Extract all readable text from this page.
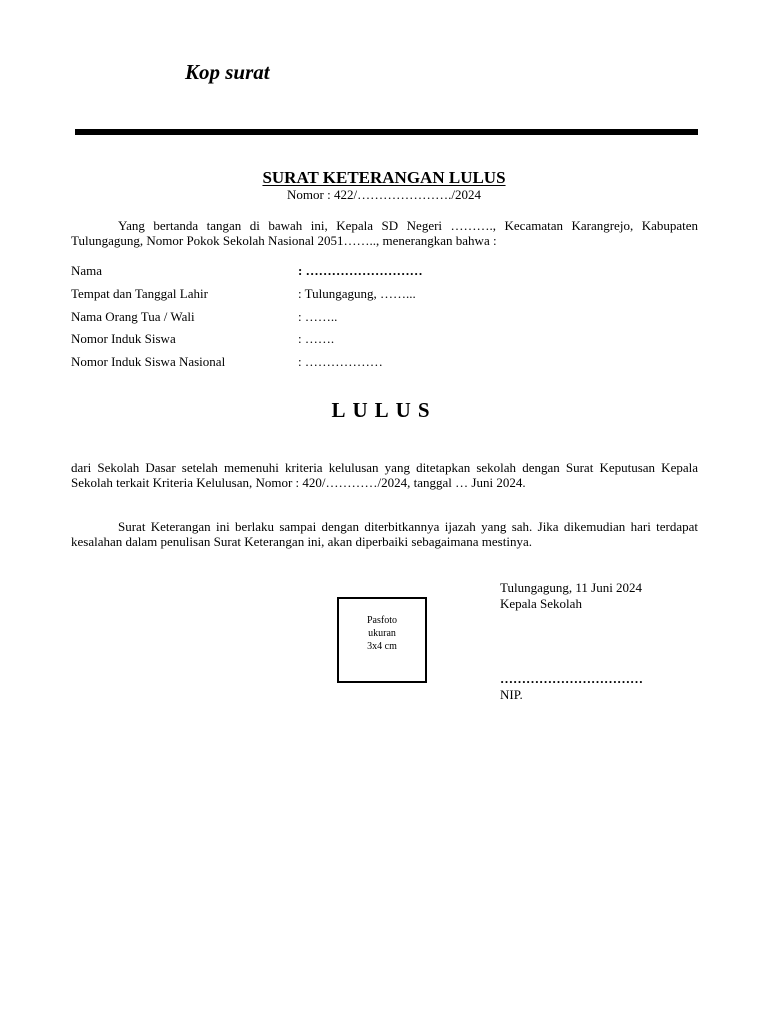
Kop surat
SURAT KETERANGAN LULUS
Nomor : 422/…………………./2024
Yang bertanda tangan di bawah ini, Kepala SD Negeri ………., Kecamatan Karangrejo, Kabupaten Tulungagung, Nomor Pokok Sekolah Nasional 2051…….., menerangkan bahwa :
Nama	: ………………………
Tempat dan Tanggal Lahir	: Tulungagung, ……...
Nama Orang Tua / Wali	: ……..
Nomor Induk Siswa	: …….
Nomor Induk Siswa Nasional	: ………………
LULUS
dari Sekolah Dasar setelah memenuhi kriteria kelulusan yang ditetapkan sekolah dengan Surat Keputusan Kepala Sekolah terkait Kriteria Kelulusan, Nomor : 420/…………/2024, tanggal … Juni 2024.
Surat Keterangan ini berlaku sampai dengan diterbitkannya ijazah yang sah. Jika dikemudian hari terdapat kesalahan dalam penulisan Surat Keterangan ini, akan diperbaiki sebagaimana mestinya.
Tulungagung, 11 Juni 2024
Kepala Sekolah
Pasfoto
ukuran
3x4 cm
……………………………
NIP.
